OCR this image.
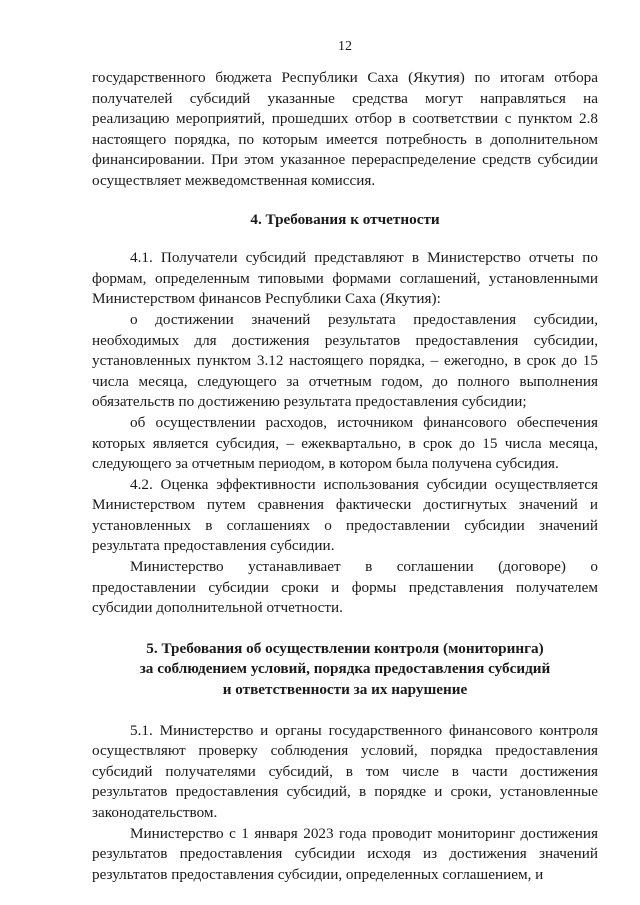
12

государственного бюджета Республики Саха (Якутия) по итогам отбора получателей субсидий указанные средства могут направляться на реализацию мероприятий, прошедших отбор в соответствии с пунктом 2.8 настоящего порядка, по которым имеется потребность в дополнительном финансировании. При этом указанное перераспределение средств субсидии осуществляет межведомственная комиссия.

4. Требования к отчетности

4.1. Получатели субсидий представляют в Министерство отчеты по формам, определенным типовыми формами соглашений, установленными Министерством финансов Республики Саха (Якутия):

о достижении значений результата предоставления субсидии, необходимых для достижения результатов предоставления субсидии, установленных пунктом 3.12 настоящего порядка, – ежегодно, в срок до 15 числа месяца, следующего за отчетным годом, до полного выполнения обязательств по достижению результата предоставления субсидии;

об осуществлении расходов, источником финансового обеспечения которых является субсидия, – ежеквартально, в срок до 15 числа месяца, следующего за отчетным периодом, в котором была получена субсидия.

4.2. Оценка эффективности использования субсидии осуществляется Министерством путем сравнения фактически достигнутых значений и установленных в соглашениях о предоставлении субсидии значений результата предоставления субсидии.

Министерство устанавливает в соглашении (договоре) о предоставлении субсидии сроки и формы представления получателем субсидии дополнительной отчетности.

5. Требования об осуществлении контроля (мониторинга)
за соблюдением условий, порядка предоставления субсидий
и ответственности за их нарушение

5.1. Министерство и органы государственного финансового контроля осуществляют проверку соблюдения условий, порядка предоставления субсидий получателями субсидий, в том числе в части достижения результатов предоставления субсидий, в порядке и сроки, установленные законодательством.

Министерство с 1 января 2023 года проводит мониторинг достижения результатов предоставления субсидии исходя из достижения значений результатов предоставления субсидии, определенных соглашением, и
